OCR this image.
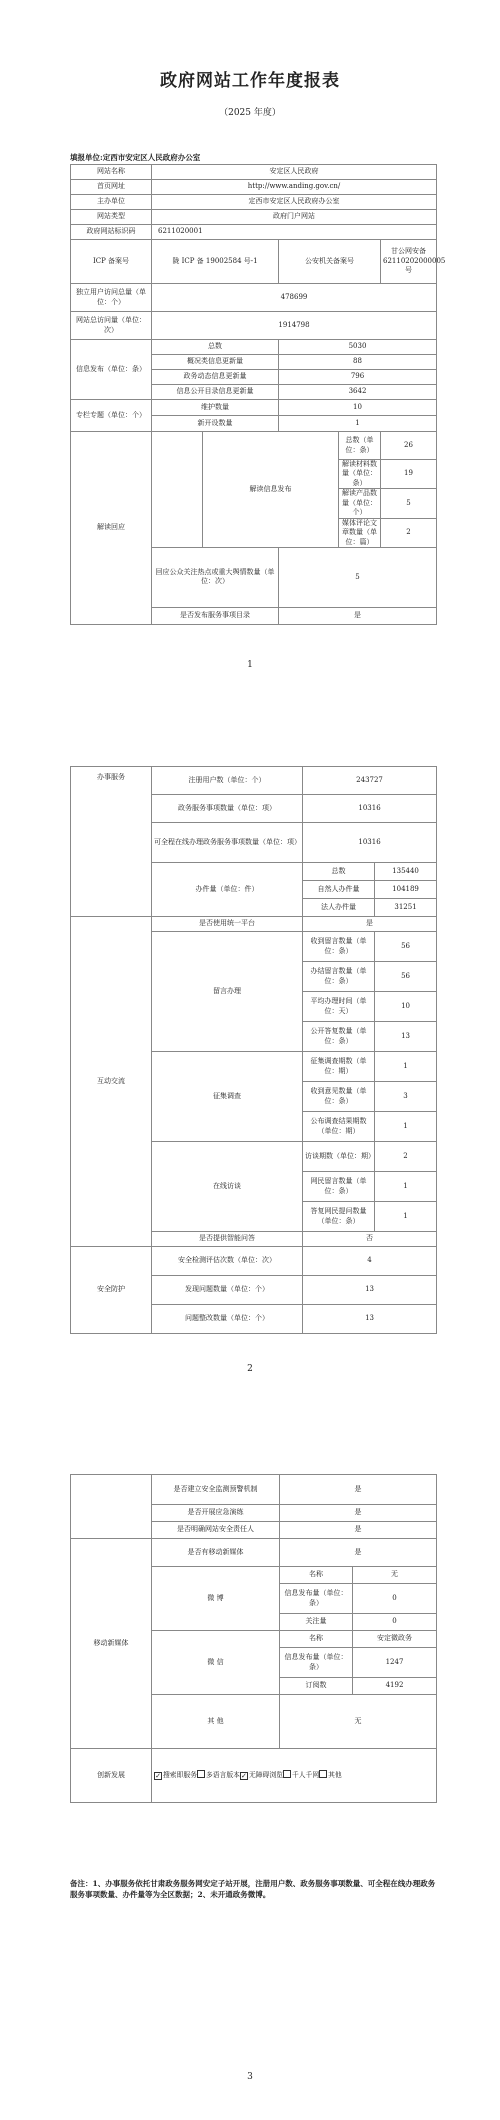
政府网站工作年度报表
（2025 年度）
填报单位:定西市安定区人民政府办公室
网站名称	安定区人民政府				
首页网址	http://www.anding.gov.cn/				
主办单位	定西市安定区人民政府办公室				
网站类型	政府门户网站				
政府网站标识码	6211020001				
ICP 备案号	陇 ICP 备 19002584 号-1		公安机关备案号		甘公网安备 62110202000005 号
独立用户访问总量（单位：个）	478699				
网站总访问量（单位：次）	1914798				
信息发布（单位：条）	总数		5030		
	概况类信息更新量		88		
	政务动态信息更新量		796		
	信息公开目录信息更新量		3642		
专栏专题（单位：个）	维护数量		10		
	新开设数量		1		
解读回应		解读信息发布		总数（单位：条）	26
				解读材料数量（单位：条）	19
				解读产品数量（单位：个）	5
				媒体评论文章数量（单位：篇）	2
	回应公众关注热点或重大舆情数量（单位：次）		5		
	是否发布服务事项目录		是		
1
办事服务	注册用户数（单位：个）	243727	
	政务服务事项数量（单位：项）	10316	
	可全程在线办理政务服务事项数量（单位：项）	10316	
	办件量（单位：件）	总数	135440
		自然人办件量	104189
		法人办件量	31251
互动交流	是否使用统一平台	是	
	留言办理	收到留言数量（单位：条）	56
		办结留言数量（单位：条）	56
		平均办理时间（单位：天）	10
		公开答复数量（单位：条）	13
	征集调查	征集调查期数（单位：期）	1
		收到意见数量（单位：条）	3
		公布调查结果期数（单位：期）	1
	在线访谈	访谈期数（单位：期）	2
		网民留言数量（单位：条）	1
		答复网民提问数量（单位：条）	1
	是否提供智能问答	否	
安全防护	安全检测评估次数（单位：次）	4	
	发现问题数量（单位：个）	13	
	问题整改数量（单位：个）	13	
2
	是否建立安全监测预警机制	是	
	是否开展应急演练	是	
	是否明确网站安全责任人	是	
移动新媒体	是否有移动新媒体	是	
	微 博	名称	无
		信息发布量（单位：条）	0
		关注量	0
	微 信	名称	安定微政务
		信息发布量（单位：条）	1247
		订阅数	4192
	其 他	无	
创新发展	✓ 搜索即服务 多语言版本✓ 无障碍浏览 千人千网 其他		
备注：1、办事服务依托甘肃政务服务网安定子站开展，注册用户数、政务服务事项数量、可全程在线办理政务服务事项数量、办件量等为全区数据；2、未开通政务微博。
3
